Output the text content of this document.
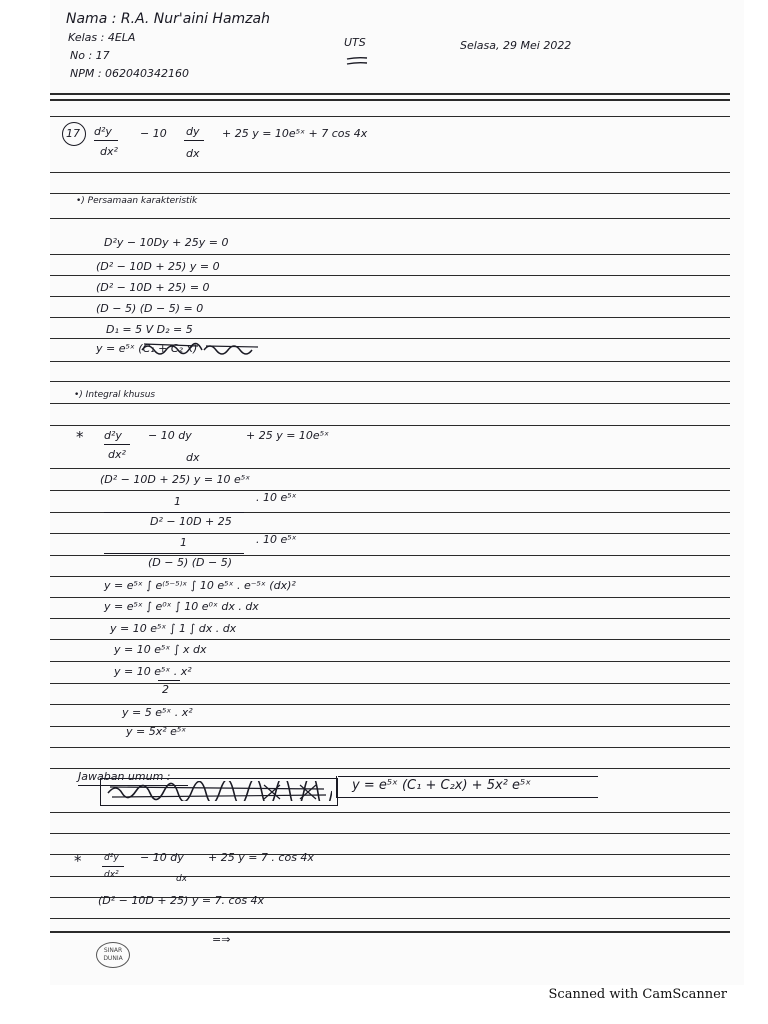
Nama : R.A. Nur'aini Hamzah
Kelas : 4ELA
No : 17
NPM : 062040342160
UTS	Selasa, 29 Mei 2022
17 d²y
dx²
− 10 dy
dx
+ 25 y = 10e⁵ˣ + 7 cos 4x
•) Persamaan karakteristik
D²y − 10Dy + 25y = 0
(D² − 10D + 25) y = 0
(D² − 10D + 25) = 0
(D − 5) (D − 5) = 0
D₁ = 5 V D₂ = 5
y = e⁵ˣ (C₁ + C₂ x)
•) Integral khusus
* d²y
dx²
− 10 dy
dx
+ 25 y = 10e⁵ˣ
(D² − 10D + 25) y = 10 e⁵ˣ
1
D² − 10D + 25
. 10 e⁵ˣ
1
(D − 5) (D − 5)
. 10 e⁵ˣ
y = e⁵ˣ ∫ e⁽⁵⁻⁵⁾ˣ ∫ 10 e⁵ˣ . e⁻⁵ˣ (dx)²
y = e⁵ˣ ∫ e⁰ˣ ∫ 10 e⁰ˣ dx . dx
y = 10 e⁵ˣ ∫ 1 ∫ dx . dx
y = 10 e⁵ˣ ∫ x dx
y = 10 e⁵ˣ . x²
2
y = 5 e⁵ˣ . x²
y = 5x² e⁵ˣ
Jawaban umum :
y = e⁵ˣ (C₁ + C₂x) + 5x² e⁵ˣ
*	d²y
dx²
− 10 dy
dx
+ 25 y = 7 . cos 4x
(D² − 10D + 25) y = 7. cos 4x
=⇒
SINAR DUNIA
Scanned with CamScanner
